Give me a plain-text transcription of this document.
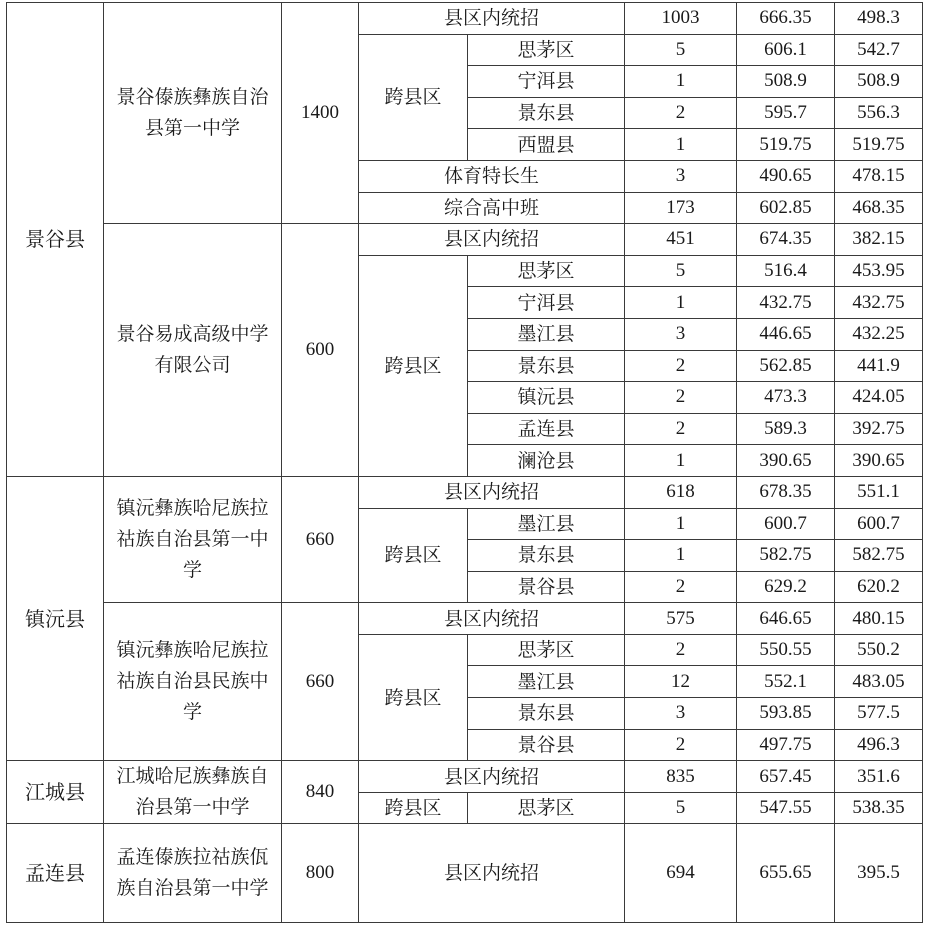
景谷县	景谷傣族彝族自治县第一中学	1400	县区内统招		1003	666.35	498.3
			跨县区	思茅区	5	606.1	542.7
				宁洱县	1	508.9	508.9
				景东县	2	595.7	556.3
				西盟县	1	519.75	519.75
			体育特长生		3	490.65	478.15
			综合高中班		173	602.85	468.35
	景谷易成高级中学有限公司	600	县区内统招		451	674.35	382.15
			跨县区	思茅区	5	516.4	453.95
				宁洱县	1	432.75	432.75
				墨江县	3	446.65	432.25
				景东县	2	562.85	441.9
				镇沅县	2	473.3	424.05
				孟连县	2	589.3	392.75
				澜沧县	1	390.65	390.65
镇沅县	镇沅彝族哈尼族拉祜族自治县第一中学	660	县区内统招		618	678.35	551.1
			跨县区	墨江县	1	600.7	600.7
				景东县	1	582.75	582.75
				景谷县	2	629.2	620.2
	镇沅彝族哈尼族拉祜族自治县民族中学	660	县区内统招		575	646.65	480.15
			跨县区	思茅区	2	550.55	550.2
				墨江县	12	552.1	483.05
				景东县	3	593.85	577.5
				景谷县	2	497.75	496.3
江城县	江城哈尼族彝族自治县第一中学	840	县区内统招		835	657.45	351.6
			跨县区	思茅区	5	547.55	538.35
孟连县	孟连傣族拉祜族佤族自治县第一中学	800	县区内统招		694	655.65	395.5
